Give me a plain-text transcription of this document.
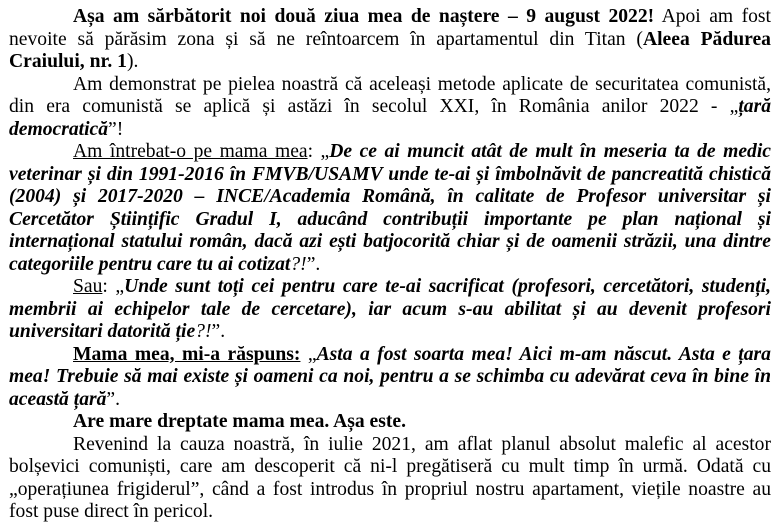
Așa am sărbătorit noi două ziua mea de naștere – 9 august 2022! Apoi am fost nevoite să părăsim zona și să ne reîntoarcem în apartamentul din Titan (Aleea Pădurea Craiului, nr. 1).

Am demonstrat pe pielea noastră că aceleași metode aplicate de securitatea comunistă, din era comunistă se aplică și astăzi în secolul XXI, în România anilor 2022 - „țară democratică”!

Am întrebat-o pe mama mea: „De ce ai muncit atât de mult în meseria ta de medic veterinar și din 1991-2016 în FMVB/USAMV unde te-ai și îmbolnăvit de pancreatită chistică (2004) și 2017-2020 – INCE/Academia Română, în calitate de Profesor universitar și Cercetător Științific Gradul I, aducând contribuții importante pe plan național și internațional statului român, dacă azi ești batjocorită chiar și de oamenii străzii, una dintre categoriile pentru care tu ai cotizat?!”.

Sau: „Unde sunt toți cei pentru care te-ai sacrificat (profesori, cercetători, studenți, membrii ai echipelor tale de cercetare), iar acum s-au abilitat și au devenit profesori universitari datorită ție?!”.

Mama mea, mi-a răspuns: „Asta a fost soarta mea! Aici m-am născut. Asta e țara mea! Trebuie să mai existe și oameni ca noi, pentru a se schimba cu adevărat ceva în bine în această țară”.

Are mare dreptate mama mea. Așa este.

Revenind la cauza noastră, în iulie 2021, am aflat planul absolut malefic al acestor bolșevici comuniști, care am descoperit că ni-l pregătiseră cu mult timp în urmă. Odată cu „operațiunea frigiderul”, când a fost introdus în propriul nostru apartament, viețile noastre au fost puse direct în pericol.
